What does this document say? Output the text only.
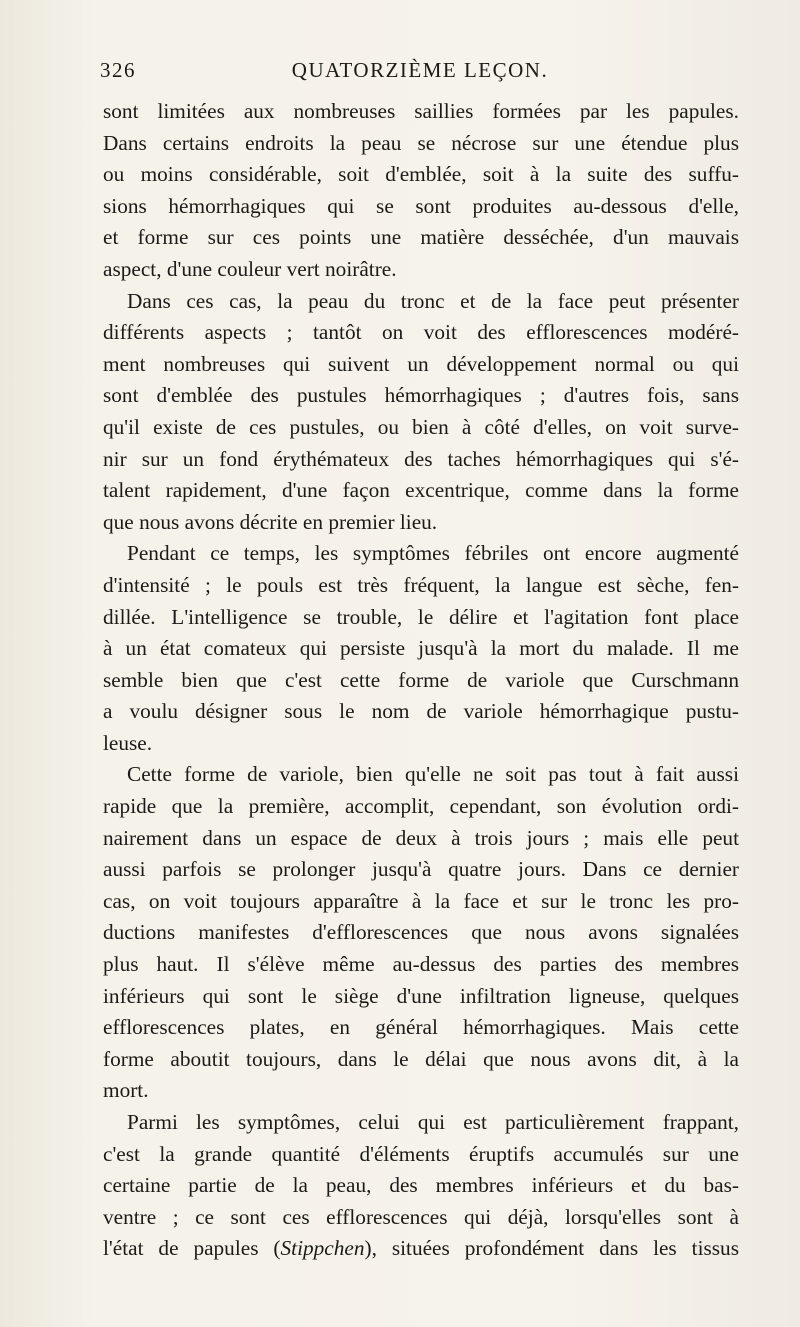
326	QUATORZIÈME LEÇON.

sont limitées aux nombreuses saillies formées par les papules.
Dans certains endroits la peau se nécrose sur une étendue plus
ou moins considérable, soit d'emblée, soit à la suite des suffu-
sions hémorrhagiques qui se sont produites au-dessous d'elle,
et forme sur ces points une matière desséchée, d'un mauvais
aspect, d'une couleur vert noirâtre.

Dans ces cas, la peau du tronc et de la face peut présenter
différents aspects ; tantôt on voit des efflorescences modéré-
ment nombreuses qui suivent un développement normal ou qui
sont d'emblée des pustules hémorrhagiques ; d'autres fois, sans
qu'il existe de ces pustules, ou bien à côté d'elles, on voit surve-
nir sur un fond érythémateux des taches hémorrhagiques qui s'é-
talent rapidement, d'une façon excentrique, comme dans la forme
que nous avons décrite en premier lieu.

Pendant ce temps, les symptômes fébriles ont encore augmenté
d'intensité ; le pouls est très fréquent, la langue est sèche, fen-
dillée. L'intelligence se trouble, le délire et l'agitation font place
à un état comateux qui persiste jusqu'à la mort du malade. Il me
semble bien que c'est cette forme de variole que Curschmann
a voulu désigner sous le nom de variole hémorrhagique pustu-
leuse.

Cette forme de variole, bien qu'elle ne soit pas tout à fait aussi
rapide que la première, accomplit, cependant, son évolution ordi-
nairement dans un espace de deux à trois jours ; mais elle peut
aussi parfois se prolonger jusqu'à quatre jours. Dans ce dernier
cas, on voit toujours apparaître à la face et sur le tronc les pro-
ductions manifestes d'efflorescences que nous avons signalées
plus haut. Il s'élève même au-dessus des parties des membres
inférieurs qui sont le siège d'une infiltration ligneuse, quelques
efflorescences plates, en général hémorrhagiques. Mais cette
forme aboutit toujours, dans le délai que nous avons dit, à la
mort.

Parmi les symptômes, celui qui est particulièrement frappant,
c'est la grande quantité d'éléments éruptifs accumulés sur une
certaine partie de la peau, des membres inférieurs et du bas-
ventre ; ce sont ces efflorescences qui déjà, lorsqu'elles sont à
l'état de papules (Stippchen), situées profondément dans les tissus
